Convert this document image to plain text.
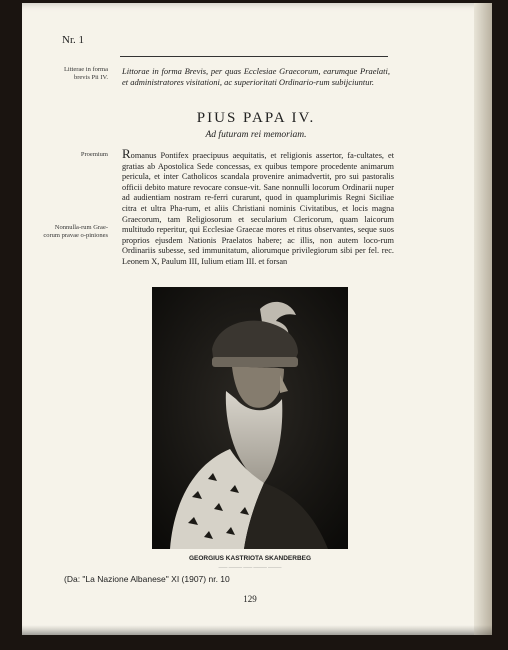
Nr. 1
Litterae in forma brevis Pii IV.
Proemium
Nonnulla-rum Grae-corum pravae o-piniones
Littorae in forma Brevis, per quas Ecclesiae Graecorum, earumque Praelati, et administratores visitationi, ac superioritati Ordinario-rum subijciuntur.
PIUS PAPA IV.
Ad futuram rei memoriam.
Romanus Pontifex praecipuus aequitatis, et religionis assertor, fa-cultates, et gratias ab Apostolica Sede concessas, ex quibus tempore procedente animarum pericula, et inter Catholicos scandala provenire animadvertit, pro sui pastoralis officii debito mature revocare consue-vit. Sane nonnulli locorum Ordinarii nuper ad audientiam nostram re-ferri curarunt, quod in quamplurimis Regni Siciliae citra et ultra Pha-rum, et aliis Christiani nominis Civitatibus, et locis magna Graecorum, tam Religiosorum et secularium Clericorum, quam laicorum multitudo reperitur, qui Ecclesiae Graecae mores et ritus observantes, seque suos proprios ejusdem Nationis Praelatos habere; ac illis, non autem loco-rum Ordinariis subesse, sed immunitatum, aliorumque privilegiorum sibi per fel. rec. Leonem X, Paulum III, Iulium etiam III. et forsan
GEORGIUS KASTRIOTA SKANDERBEG
—— ——— —— ——— ———
(Da: "La Nazione Albanese" XI (1907) nr. 10
129
